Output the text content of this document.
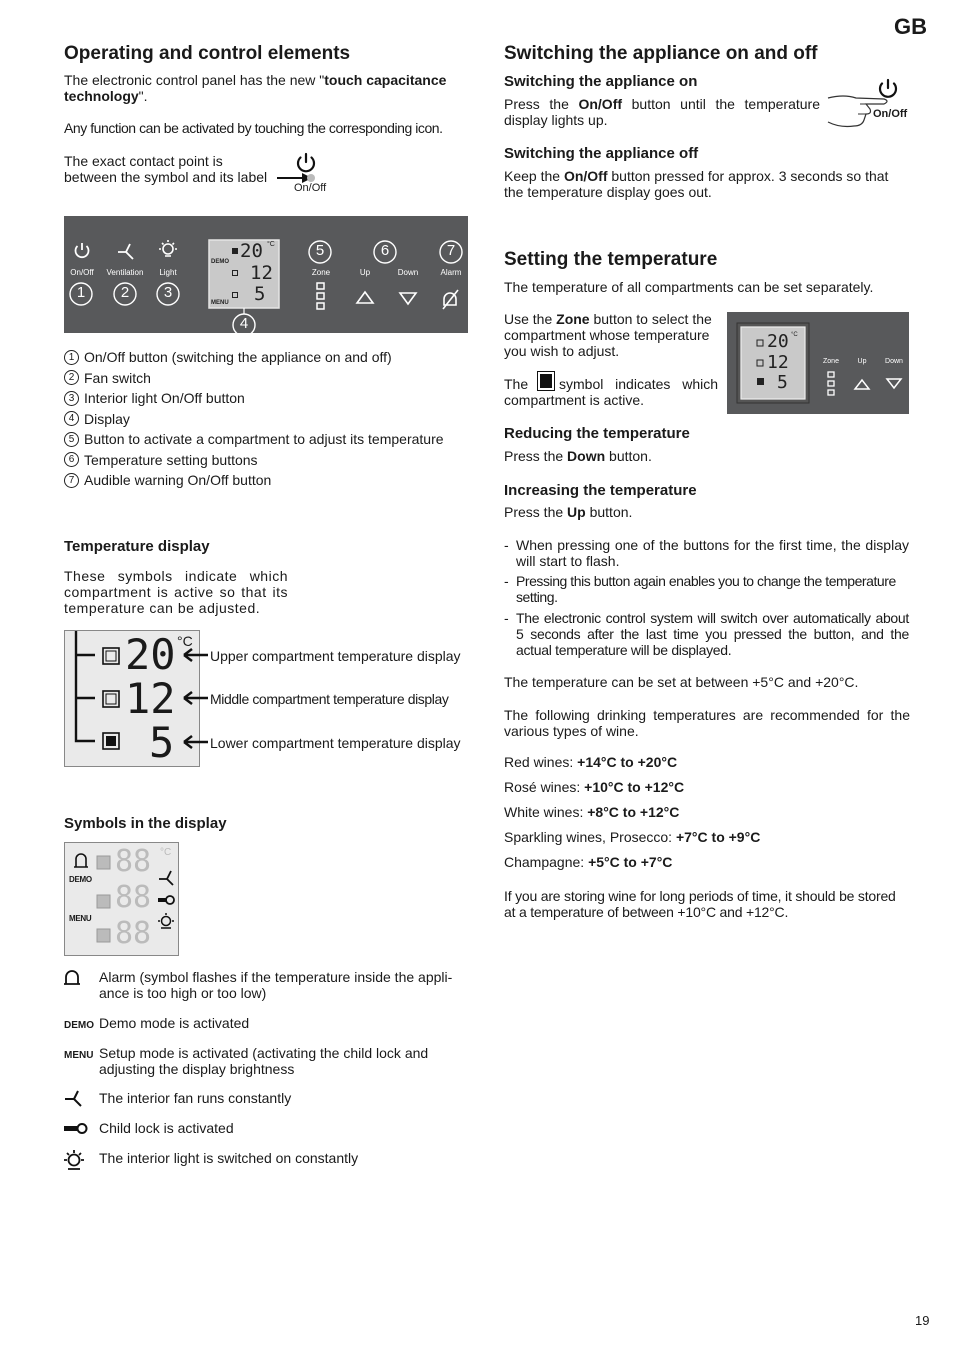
GB
Operating and control elements

The electronic control panel has the new "touch capacitance technology".

Any function can be activated by touching the corresponding icon.

The exact contact point is

between the symbol and its label

On/Off
1	2	3
4
5	6	7
On/Off	Ventilation	Light	Zone	Up	Down	Alarm
20
12
5
°C
DEMO
MENU
1 On/Off button (switching the appliance on and off)
2 Fan switch
3 Interior light On/Off button
4 Display
5 Button to activate a compartment to adjust its temperature
6 Temperature setting buttons
7 Audible warning On/Off button
Temperature display

These symbols indicate which compartment is active so that its temperature can be adjusted.

20 °C
12
5

Upper compartment temperature display

Middle compartment temperature display

Lower compartment temperature display

Symbols in the display
DEMO
MENU
88
88
88
°C
Alarm (symbol flashes if the temperature inside the appli-ance is too high or too low)
DEMO Demo mode is activated
MENU Setup mode is activated (activating the child lock and adjusting the display brightness
The interior fan runs constantly
Child lock is activated
The interior light is switched on constantly
Switching the appliance on and off
Switching the appliance on

Press the On/Off button until the temperature display lights up.	On/Off
Switching the appliance off

Keep the On/Off button pressed for approx. 3 seconds so that the temperature display goes out.

Setting the temperature

The temperature of all compartments can be set separately.

Use the Zone button to select the compartment whose temperature you wish to adjust.

symbol indicates which compartment is active.

The
20 °C
12
5
Zone	Up	Down
Reducing the temperature

Press the Down button.

Increasing the temperature

Press the Up button.

- When pressing one of the buttons for the first time, the display will start to flash.
- Pressing this button again enables you to change the temperature setting.
- The electronic control system will switch over automatically about 5 seconds after the last time you pressed the button, and the actual temperature will be displayed.

The temperature can be set at between +5°C and +20°C.

The following drinking temperatures are recommended for the various types of wine.

Red wines: +14°C to +20°C

Rosé wines: +10°C to +12°C

White wines: +8°C to +12°C

Sparkling wines, Prosecco: +7°C to +9°C

Champagne: +5°C to +7°C

If you are storing wine for long periods of time, it should be stored at a temperature of between +10°C and +12°C.

19
